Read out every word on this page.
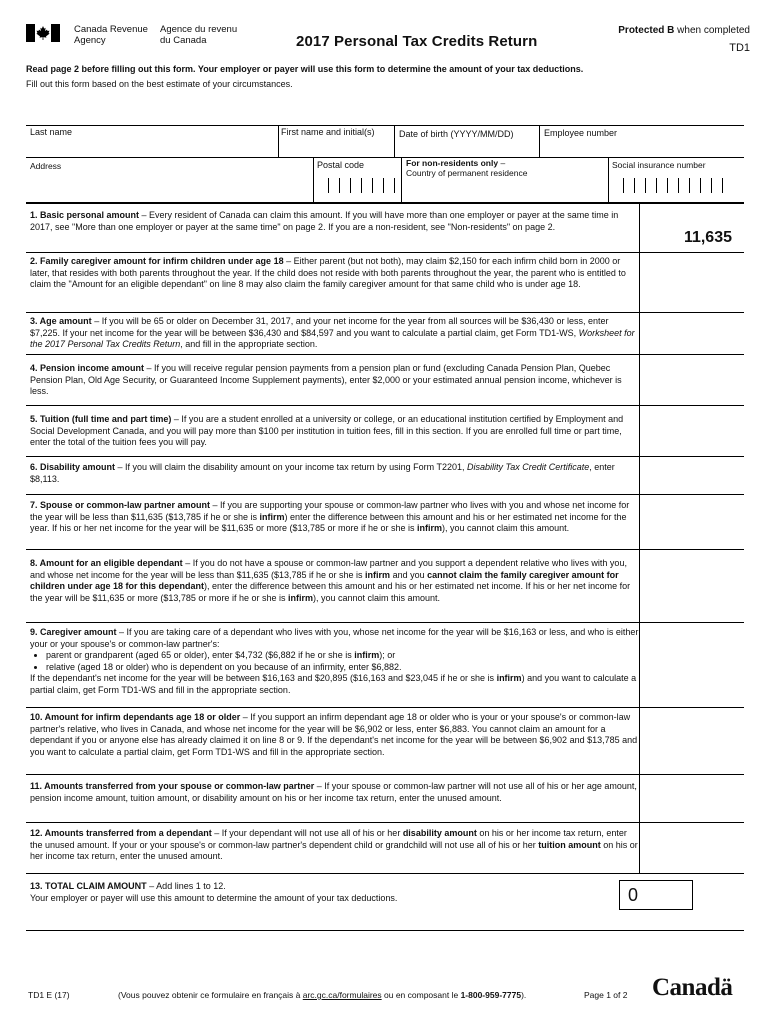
Canada Revenue
Agency
Agence du revenu
du Canada	2017 Personal Tax Credits Return
Protected B when completed
TD1
Read page 2 before filling out this form. Your employer or payer will use this form to determine the amount of your tax deductions.
Fill out this form based on the best estimate of your circumstances.
Last name	First name and initial(s)	Date of birth (YYYY/MM/DD)	Employee number
Address	Postal code	For non-residents only –
Country of permanent residence
Social insurance number
1. Basic personal amount – Every resident of Canada can claim this amount. If you will have more than one employer or payer at the same time in 2017, see "More than one employer or payer at the same time" on page 2. If you are a non-resident, see "Non-residents" on page 2.
11,635
2. Family caregiver amount for infirm children under age 18 – Either parent (but not both), may claim $2,150 for each infirm child born in 2000 or later, that resides with both parents throughout the year. If the child does not reside with both parents throughout the year, the parent who is entitled to claim the "Amount for an eligible dependant" on line 8 may also claim the family caregiver amount for that same child who is under age 18.
3. Age amount – If you will be 65 or older on December 31, 2017, and your net income for the year from all sources will be $36,430 or less, enter $7,225. If your net income for the year will be between $36,430 and $84,597 and you want to calculate a partial claim, get Form TD1-WS, Worksheet for the 2017 Personal Tax Credits Return, and fill in the appropriate section.
4. Pension income amount – If you will receive regular pension payments from a pension plan or fund (excluding Canada Pension Plan, Quebec Pension Plan, Old Age Security, or Guaranteed Income Supplement payments), enter $2,000 or your estimated annual pension income, whichever is less.
5. Tuition (full time and part time) – If you are a student enrolled at a university or college, or an educational institution certified by Employment and Social Development Canada, and you will pay more than $100 per institution in tuition fees, fill in this section. If you are enrolled full time or part time, enter the total of the tuition fees you will pay.
6. Disability amount – If you will claim the disability amount on your income tax return by using Form T2201, Disability Tax Credit Certificate, enter $8,113.
7. Spouse or common-law partner amount – If you are supporting your spouse or common-law partner who lives with you and whose net income for the year will be less than $11,635 ($13,785 if he or she is infirm) enter the difference between this amount and his or her estimated net income for the year. If his or her net income for the year will be $11,635 or more ($13,785 or more if he or she is infirm), you cannot claim this amount.
8. Amount for an eligible dependant – If you do not have a spouse or common-law partner and you support a dependent relative who lives with you, and whose net income for the year will be less than $11,635 ($13,785 if he or she is infirm and you cannot claim the family caregiver amount for children under age 18 for this dependant), enter the difference between this amount and his or her estimated net income. If his or her net income for the year will be $11,635 or more ($13,785 or more if he or she is infirm), you cannot claim this amount.
9. Caregiver amount – If you are taking care of a dependant who lives with you, whose net income for the year will be $16,163 or less, and who is either your or your spouse's or common-law partner's:
• parent or grandparent (aged 65 or older), enter $4,732 ($6,882 if he or she is infirm); or
• relative (aged 18 or older) who is dependent on you because of an infirmity, enter $6,882.
If the dependant's net income for the year will be between $16,163 and $20,895 ($16,163 and $23,045 if he or she is infirm) and you want to calculate a partial claim, get Form TD1-WS and fill in the appropriate section.
10. Amount for infirm dependants age 18 or older – If you support an infirm dependant age 18 or older who is your or your spouse's or common-law partner's relative, who lives in Canada, and whose net income for the year will be $6,902 or less, enter $6,883. You cannot claim an amount for a dependant if you or anyone else has already claimed it on line 8 or 9. If the dependant's net income for the year will be between $6,902 and $13,785 and you want to calculate a partial claim, get Form TD1-WS and fill in the appropriate section.
11. Amounts transferred from your spouse or common-law partner – If your spouse or common-law partner will not use all of his or her age amount, pension income amount, tuition amount, or disability amount on his or her income tax return, enter the unused amount.
12. Amounts transferred from a dependant – If your dependant will not use all of his or her disability amount on his or her income tax return, enter the unused amount. If your or your spouse's or common-law partner's dependent child or grandchild will not use all of his or her tuition amount on his or her income tax return, enter the unused amount.
13. TOTAL CLAIM AMOUNT – Add lines 1 to 12.
Your employer or payer will use this amount to determine the amount of your tax deductions.	0
TD1 E (17)	(Vous pouvez obtenir ce formulaire en français à arc.gc.ca/formulaires ou en composant le 1-800-959-7775).	Page 1 of 2 Canadä
